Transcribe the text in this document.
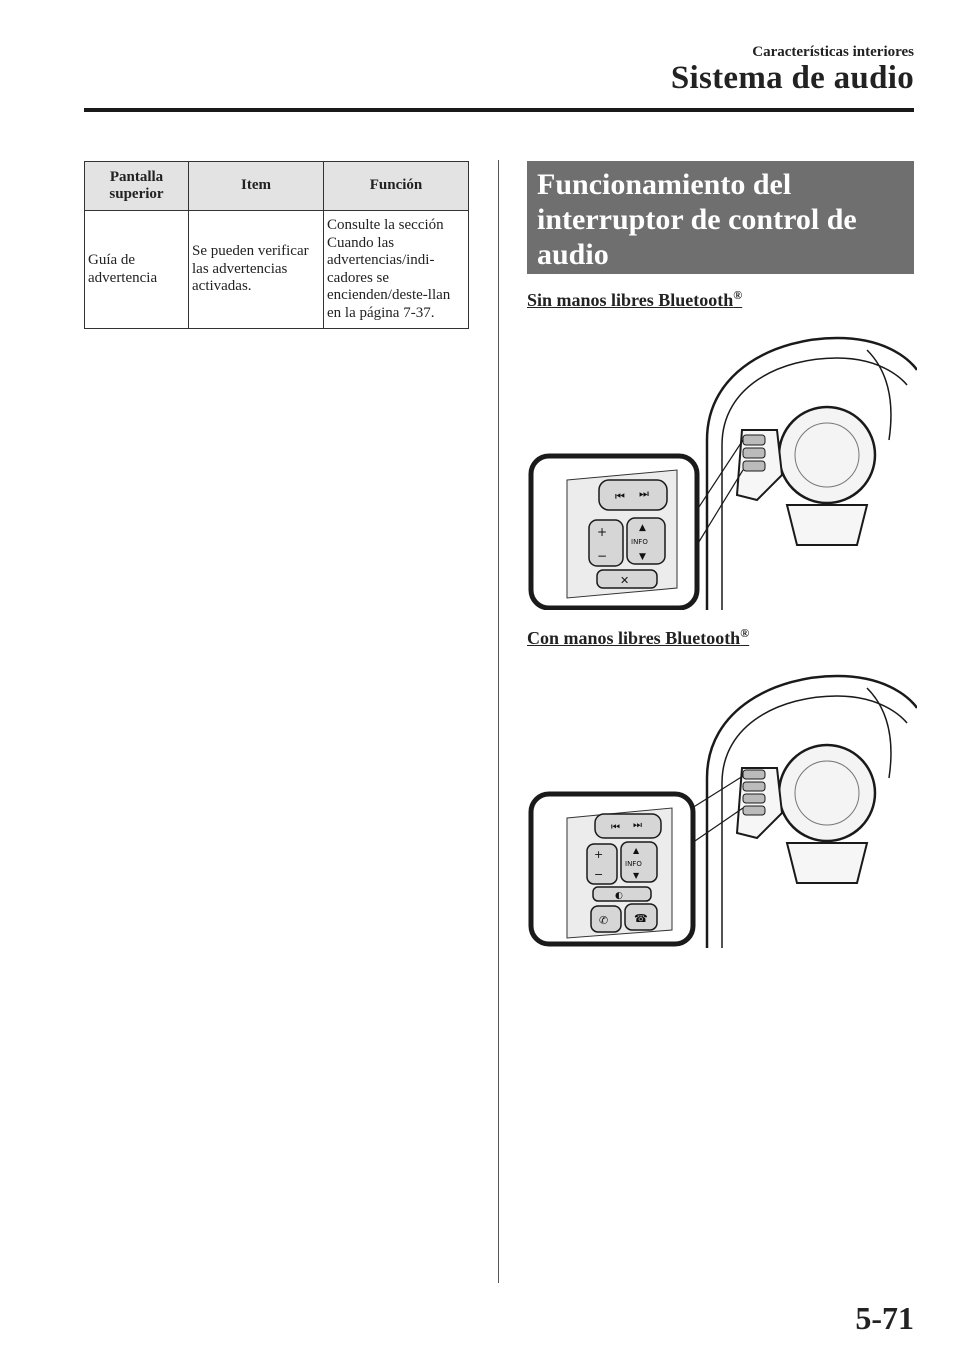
Características interiores
Sistema de audio
Pantalla superior	Item	Función
Guía de advertencia	Se pueden verificar las advertencias activadas.	Consulte la sección Cuando las advertencias/indi-cadores se encienden/deste-llan en la página 7-37.
Funcionamiento del interruptor de control de audio
Sin manos libres Bluetooth®
⏮ ⏭
+
−
▲
INFO
▼
✕
Con manos libres Bluetooth®
⏮ ⏭
+
−
▲
INFO
▼
◐
✆ ☎
5-71
